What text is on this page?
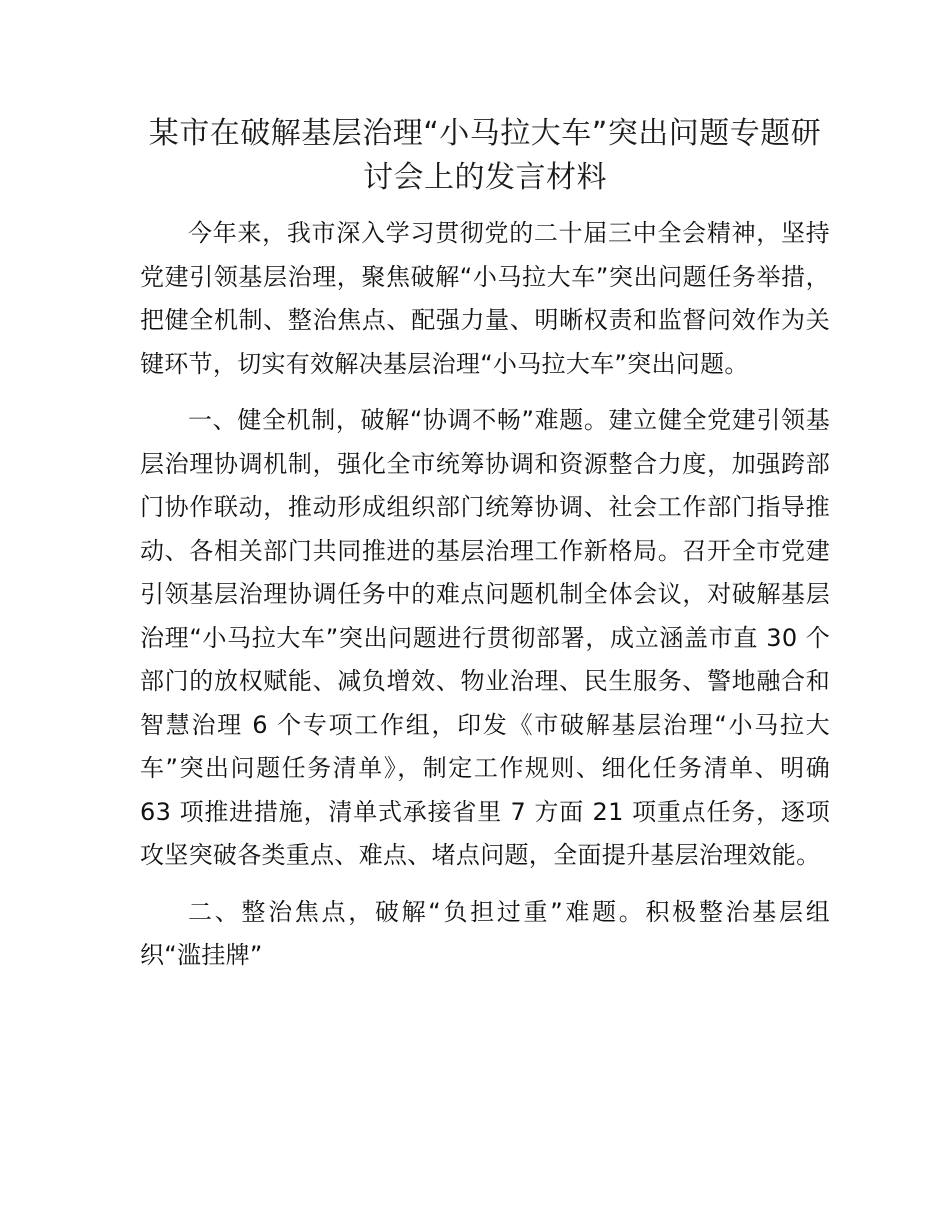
某市在破解基层治理“小马拉大车”突出问题专题研讨会上的发言材料

今年来，我市深入学习贯彻党的二十届三中全会精神，坚持党建引领基层治理，聚焦破解“小马拉大车”突出问题任务举措，把健全机制、整治焦点、配强力量、明晰权责和监督问效作为关键环节，切实有效解决基层治理“小马拉大车”突出问题。

一、健全机制，破解“协调不畅”难题。建立健全党建引领基层治理协调机制，强化全市统筹协调和资源整合力度，加强跨部门协作联动，推动形成组织部门统筹协调、社会工作部门指导推动、各相关部门共同推进的基层治理工作新格局。召开全市党建引领基层治理协调任务中的难点问题机制全体会议，对破解基层治理“小马拉大车”突出问题进行贯彻部署，成立涵盖市直 30 个部门的放权赋能、减负增效、物业治理、民生服务、警地融合和智慧治理 6 个专项工作组，印发《市破解基层治理“小马拉大车”突出问题任务清单》，制定工作规则、细化任务清单、明确 63 项推进措施，清单式承接省里 7 方面 21 项重点任务，逐项攻坚突破各类重点、难点、堵点问题，全面提升基层治理效能。

二、整治焦点，破解“负担过重”难题。积极整治基层组织“滥挂牌”
